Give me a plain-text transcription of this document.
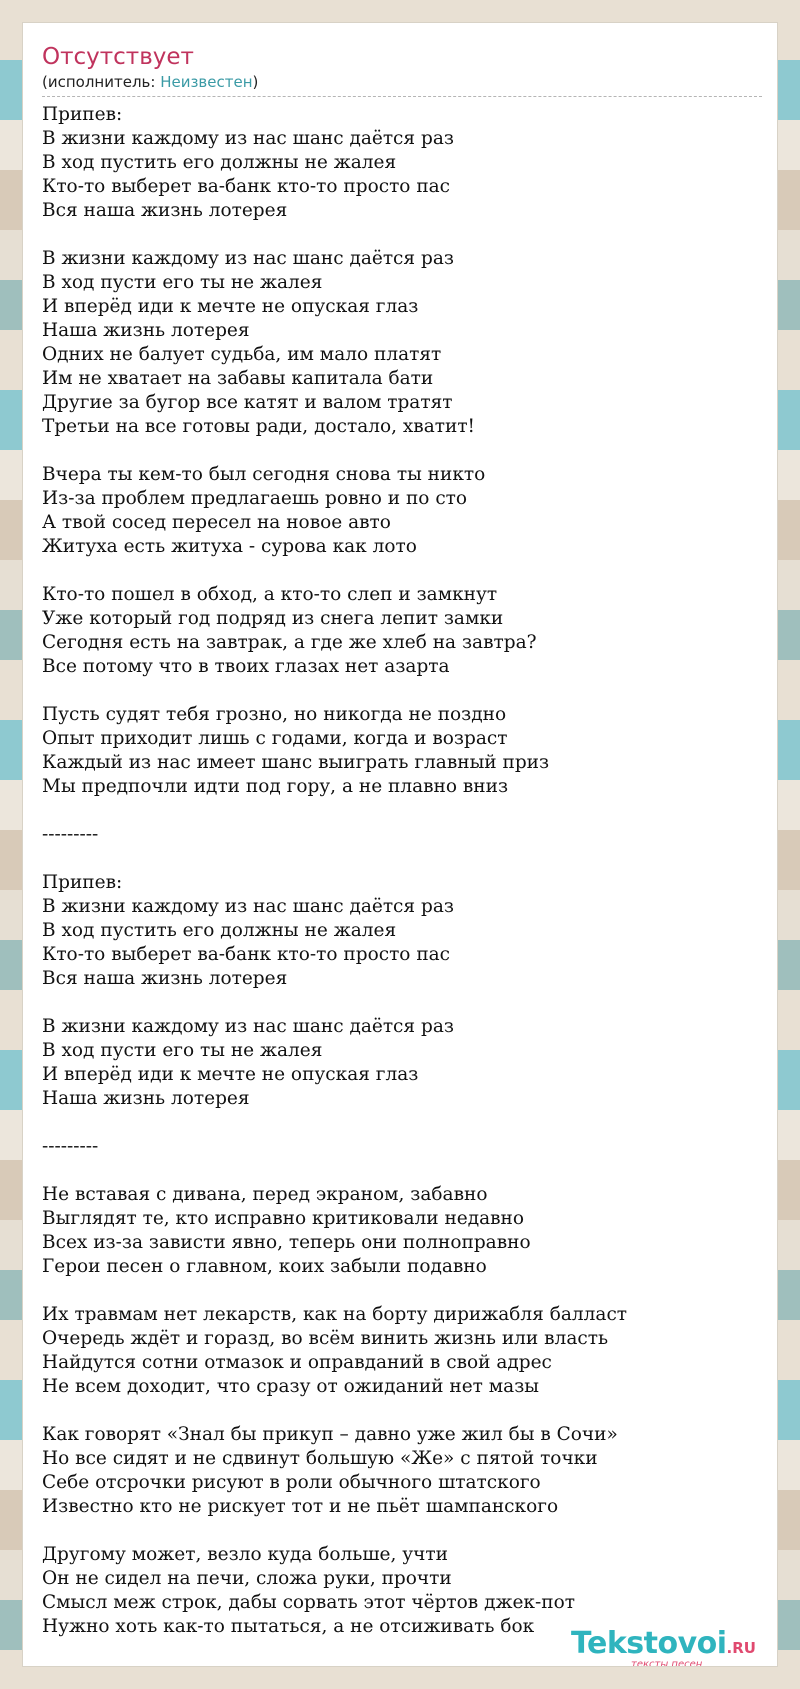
Отсутствует
(исполнитель: Неизвестен)
Припев:
В жизни каждому из нас шанс даётся раз
В ход пустить его должны не жалея
Кто-то выберет ва-банк кто-то просто пас
Вся наша жизнь лотерея
В жизни каждому из нас шанс даётся раз
В ход пусти его ты не жалея
И вперёд иди к мечте не опуская глаз
Наша жизнь лотерея
Одних не балует судьба, им мало платят
Им не хватает на забавы капитала бати
Другие за бугор все катят и валом тратят
Третьи на все готовы ради, достало, хватит!
Вчера ты кем-то был сегодня снова ты никто
Из-за проблем предлагаешь ровно и по сто
А твой сосед пересел на новое авто
Житуха есть житуха - сурова как лото
Кто-то пошел в обход, а кто-то слеп и замкнут
Уже который год подряд из снега лепит замки
Сегодня есть на завтрак, а где же хлеб на завтра?
Все потому что в твоих глазах нет азарта
Пусть судят тебя грозно, но никогда не поздно
Опыт приходит лишь с годами, когда и возраст
Каждый из нас имеет шанс выиграть главный приз
Мы предпочли идти под гору, а не плавно вниз
---------
Припев:
В жизни каждому из нас шанс даётся раз
В ход пустить его должны не жалея
Кто-то выберет ва-банк кто-то просто пас
Вся наша жизнь лотерея
В жизни каждому из нас шанс даётся раз
В ход пусти его ты не жалея
И вперёд иди к мечте не опуская глаз
Наша жизнь лотерея
---------
Не вставая с дивана, перед экраном, забавно
Выглядят те, кто исправно критиковали недавно
Всех из-за зависти явно, теперь они полноправно
Герои песен о главном, коих забыли подавно
Их травмам нет лекарств, как на борту дирижабля балласт
Очередь ждёт и горазд, во всём винить жизнь или власть
Найдутся сотни отмазок и оправданий в свой адрес
Не всем доходит, что сразу от ожиданий нет мазы
Как говорят «Знал бы прикуп – давно уже жил бы в Сочи»
Но все сидят и не сдвинут большую «Же» с пятой точки
Себе отсрочки рисуют в роли обычного штатского
Известно кто не рискует тот и не пьёт шампанского
Другому может, везло куда больше, учти
Он не сидел на печи, сложа руки, прочти
Смысл меж строк, дабы сорвать этот чёртов джек-пот
Нужно хоть как-то пытаться, а не отсиживать бок	Tekstovoi.RU
тексты песен
